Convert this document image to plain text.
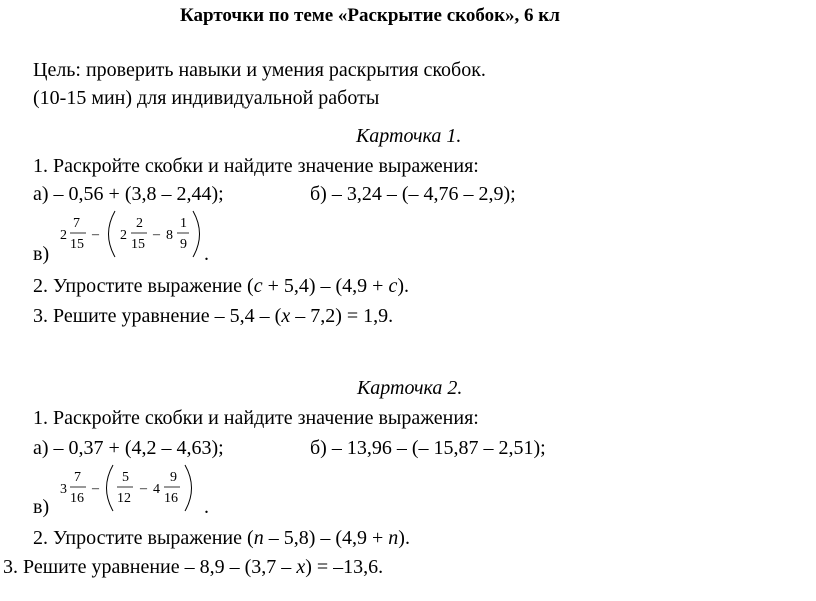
Карточки по теме «Раскрытие скобок», 6 кл
Цель: проверить навыки и умения раскрытия скобок.
(10-15 мин) для индивидуальной работы
Карточка 1.
1. Раскройте скобки и найдите значение выражения:
а) – 0,56 + (3,8 – 2,44);	б) – 3,24 – (– 4,76 – 2,9);
в)
2
7
15
– 2
2
15
– 8
1
9 .
2. Упростите выражение (c + 5,4) – (4,9 + c).
3. Решите уравнение – 5,4 – (x – 7,2) = 1,9.
Карточка 2.
1. Раскройте скобки и найдите значение выражения:
а) – 0,37 + (4,2 – 4,63);	б) – 13,96 – (– 15,87 – 2,51);
в)
3
7
16
–
5
12
– 4
9
16 .
2. Упростите выражение (n – 5,8) – (4,9 + n).
3. Решите уравнение – 8,9 – (3,7 – x) = –13,6.
